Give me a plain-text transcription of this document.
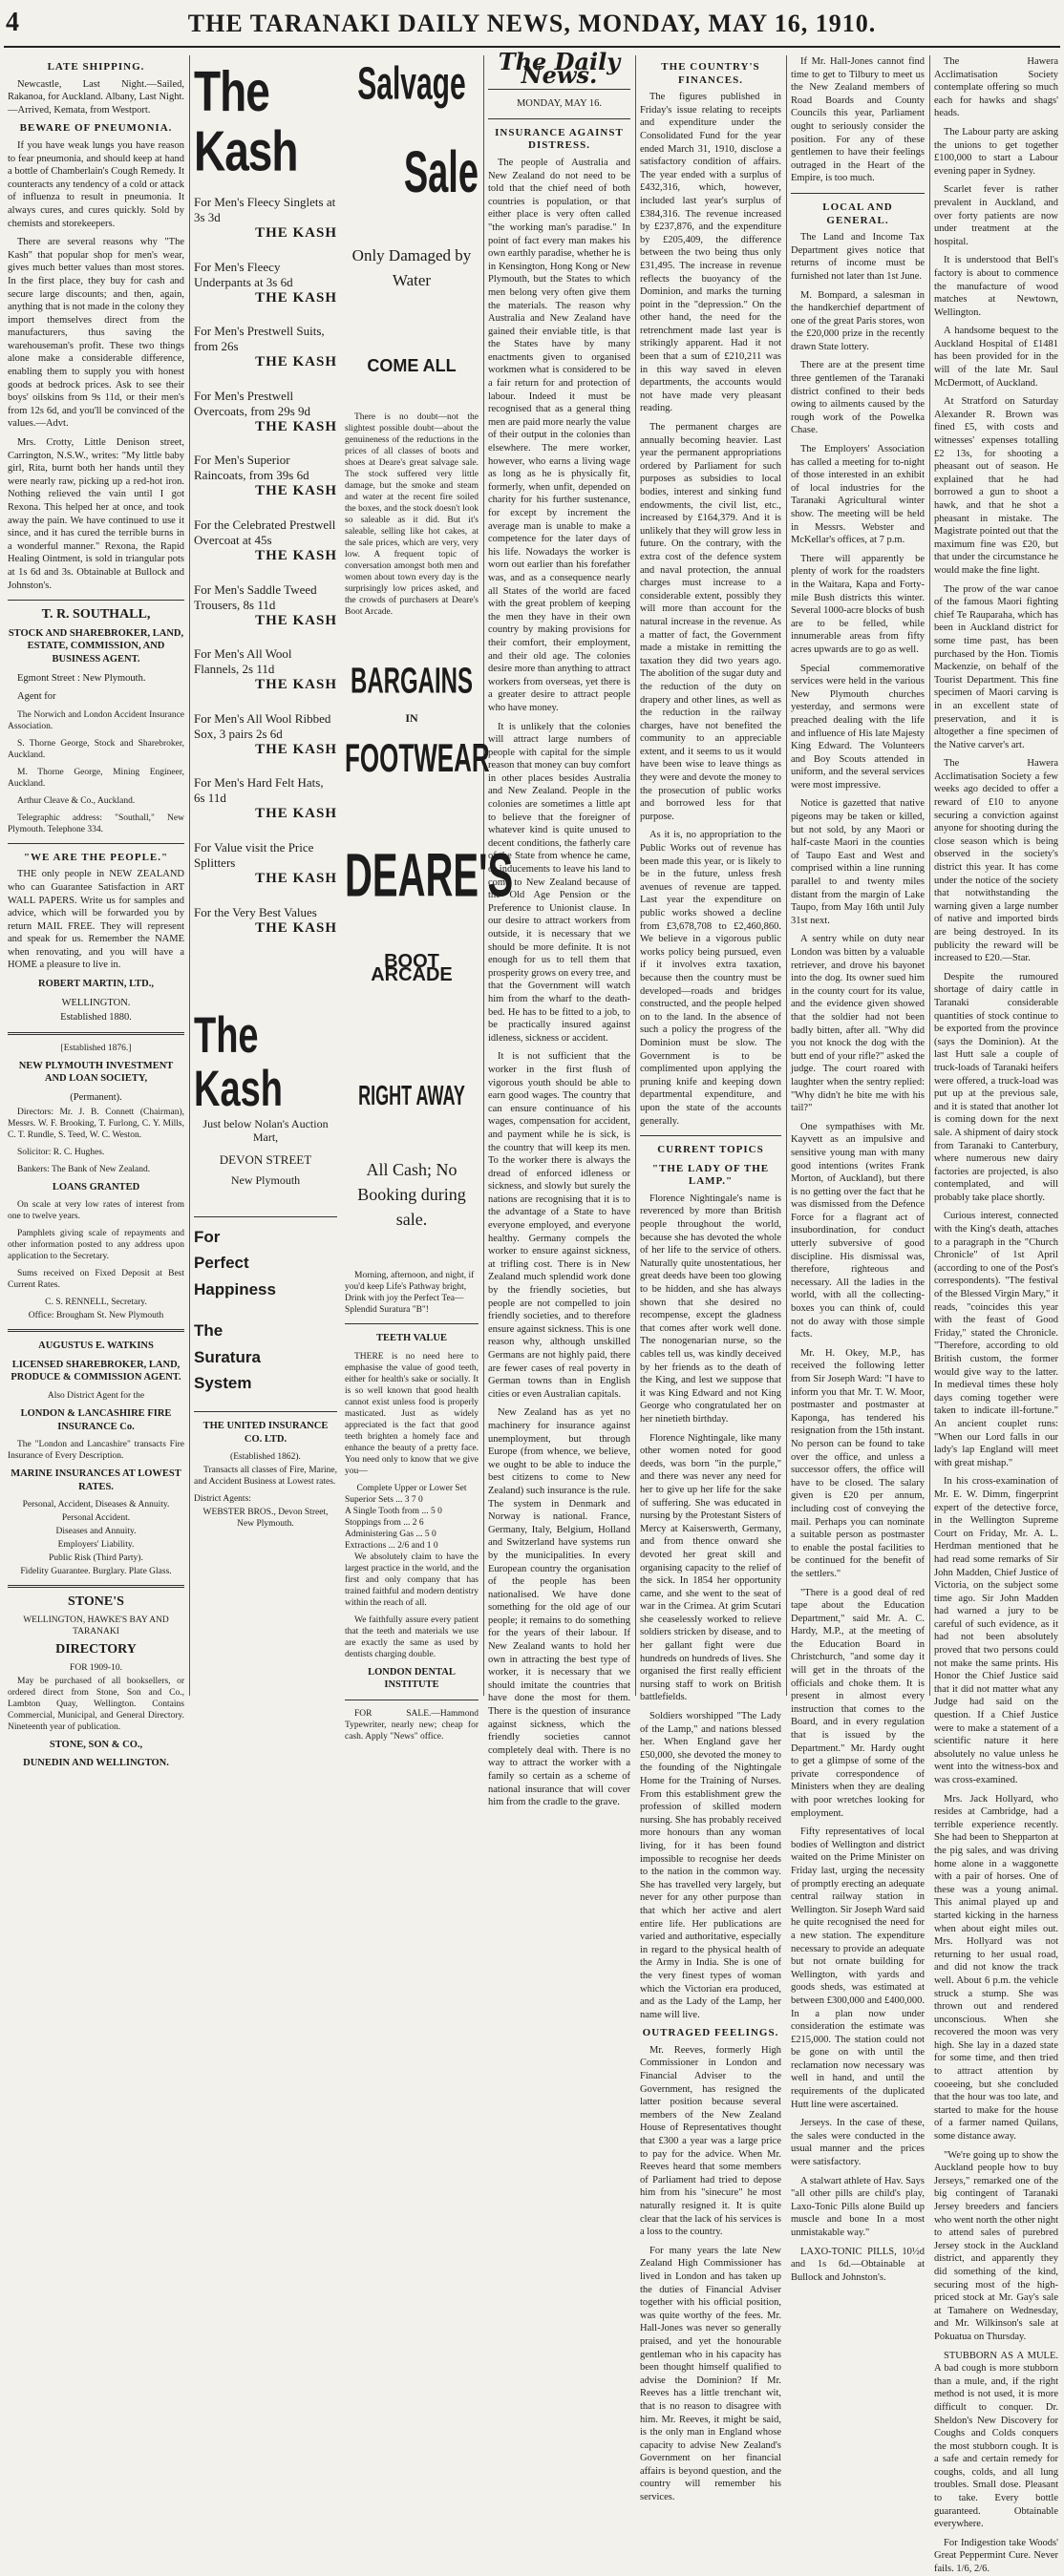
4	THE TARANAKI DAILY NEWS, MONDAY, MAY 16, 1910.
LATE SHIPPING.

Newcastle, Last Night.—Sailed, Rakanoa, for Auckland. Albany, Last Night.—Arrived, Kemata, from Westport.

BEWARE OF PNEUMONIA.

If you have weak lungs you have reason to fear pneumonia, and should keep at hand a bottle of Chamberlain's Cough Remedy. It counteracts any tendency of a cold or attack of influenza to result in pneumonia. It always cures, and cures quickly. Sold by chemists and storekeepers.

There are several reasons why "The Kash" that popular shop for men's wear, gives much better values than most stores. In the first place, they buy for cash and secure large discounts; and then, again, anything that is not made in the colony they import themselves direct from the manufacturers, thus saving the warehouseman's profit. These two things alone make a considerable difference, enabling them to supply you with honest goods at bedrock prices. Ask to see their boys' oilskins from 9s 11d, or their men's from 12s 6d, and you'll be convinced of the values.—Advt.

Mrs. Crotty, Little Denison street, Carrington, N.S.W., writes: "My little baby girl, Rita, burnt both her hands until they were nearly raw, picking up a red-hot iron. Nothing relieved the vain until I got Rexona. This helped her at once, and took away the pain. We have continued to use it since, and it has cured the terrible burns in a wonderful manner." Rexona, the Rapid Healing Ointment, is sold in triangular pots at 1s 6d and 3s. Obtainable at Bullock and Johnston's.

T. R. SOUTHALL,
STOCK AND SHAREBROKER, LAND, ESTATE, COMMISSION, AND BUSINESS AGENT.

Egmont Street : New Plymouth.

Agent for

The Norwich and London Accident Insurance Association.

S. Thorne George, Stock and Sharebroker, Auckland.

M. Thorne George, Mining Engineer, Auckland.

Arthur Cleave & Co., Auckland.

Telegraphic address: "Southall," New Plymouth. Telephone 334.

"WE ARE THE PEOPLE."

THE only people in NEW ZEALAND who can Guarantee Satisfaction in ART WALL PAPERS. Write us for samples and advice, which will be forwarded you by return MAIL FREE. They will represent and speak for us. Remember the NAME when renovating, and you will have a HOME a pleasure to live in.

ROBERT MARTIN, LTD.,
WELLINGTON.
Established 1880.
[Established 1876.]
NEW PLYMOUTH INVESTMENT AND LOAN SOCIETY,
(Permanent).

Directors: Mr. J. B. Connett (Chairman), Messrs. W. F. Brooking, T. Furlong, C. Y. Mills, C. T. Rundle, S. Teed, W. C. Weston.

Solicitor: R. C. Hughes.

Bankers: The Bank of New Zealand.

LOANS GRANTED

On scale at very low rates of interest from one to twelve years.

Pamphlets giving scale of repayments and other information posted to any address upon application to the Secretary.

Sums received on Fixed Deposit at Best Current Rates.

C. S. RENNELL, Secretary.
Office: Brougham St. New Plymouth
AUGUSTUS E. WATKINS
LICENSED SHAREBROKER, LAND, PRODUCE & COMMISSION AGENT.
Also District Agent for the
LONDON & LANCASHIRE FIRE INSURANCE Co.

The "London and Lancashire" transacts Fire Insurance of Every Description.

MARINE INSURANCES AT LOWEST RATES.
Personal, Accident, Diseases & Annuity.
Personal Accident.
Diseases and Annuity.
Employers' Liability.
Public Risk (Third Party).
Fidelity Guarantee. Burglary. Plate Glass.
STONE'S
WELLINGTON, HAWKE'S BAY AND TARANAKI
DIRECTORY
FOR 1909-10.

May be purchased of all booksellers, or ordered direct from Stone, Son and Co., Lambton Quay, Wellington. Contains Commercial, Municipal, and General Directory. Nineteenth year of publication.

STONE, SON & CO.,
DUNEDIN AND WELLINGTON.
The Kash
For Men's Fleecy Singlets at 3s 3d
THE KASH
For Men's Fleecy Underpants at 3s 6d
THE KASH
For Men's Prestwell Suits, from 26s
THE KASH
For Men's Prestwell Overcoats, from 29s 9d
THE KASH
For Men's Superior Raincoats, from 39s 6d
THE KASH
For the Celebrated Prestwell Overcoat at 45s
THE KASH
For Men's Saddle Tweed Trousers, 8s 11d
THE KASH
For Men's All Wool Flannels, 2s 11d
THE KASH
For Men's All Wool Ribbed Sox, 3 pairs 2s 6d
THE KASH
For Men's Hard Felt Hats, 6s 11d
THE KASH
For Value visit the Price Splitters
THE KASH
For the Very Best Values
THE KASH
The Kash
Just below Nolan's Auction Mart,
DEVON STREET
New Plymouth
For
Perfect
Happiness
The
Suratura
System
THE UNITED INSURANCE CO. LTD.
(Established 1862).

Transacts all classes of Fire, Marine, and Accident Business at Lowest rates.

District Agents:
WEBSTER BROS., Devon Street, New Plymouth.
Salvage
Sale
Only Damaged by Water
COME ALL

There is no doubt—not the slightest possible doubt—about the genuineness of the reductions in the prices of all classes of boots and shoes at Deare's great salvage sale. The stock suffered very little damage, but the smoke and steam and water at the recent fire soiled the boxes, and the stock doesn't look so saleable as it did. But it's saleable, selling like hot cakes, at the sale prices, which are very, very low. A frequent topic of conversation amongst both men and women about town every day is the surprisingly low prices asked, and the crowds of purchasers at Deare's Boot Arcade.

BARGAINS
IN
FOOTWEAR
DEARE'S
BOOT ARCADE
RIGHT AWAY
All Cash; No Booking during sale.

Morning, afternoon, and night, if you'd keep Life's Pathway bright, Drink with joy the Perfect Tea—Splendid Suratura "B"!

TEETH VALUE

THERE is no need here to emphasise the value of good teeth, either for health's sake or socially. It is so well known that good health cannot exist unless food is properly masticated. Just as widely appreciated is the fact that good teeth brighten a homely face and enhance the beauty of a pretty face. You need only to know that we give you—

Complete Upper or Lower Set
Superior Sets ... 3 7 0
A Single Tooth from ... 5 0
Stoppings from ... 2 6
Administering Gas ... 5 0
Extractions ... 2/6 and 1 0

We absolutely claim to have the largest practice in the world, and the first and only company that has trained faithful and modern dentistry within the reach of all.

We faithfully assure every patient that the teeth and materials we use are exactly the same as used by dentists charging double.

LONDON DENTAL INSTITUTE

FOR SALE.—Hammond Typewriter, nearly new; cheap for cash. Apply "News" office.

The Daily News.
MONDAY, MAY 16.
INSURANCE AGAINST DISTRESS.

The people of Australia and New Zealand do not need to be told that the chief need of both countries is population, or that either place is very often called "the working man's paradise." In point of fact every man makes his own earthly paradise, whether he is in Kensington, Hong Kong or New Plymouth, but the States to which men belong very often give them the materials. The reason why Australia and New Zealand have gained their enviable title, is that the States have by many enactments given to organised workmen what is considered to be a fair return for and protection of labour. Indeed it must be recognised that as a general thing men are paid more nearly the value of their output in the colonies than elsewhere. The mere worker, however, who earns a living wage as long as he is physically fit, formerly, when unfit, depended on charity for his further sustenance, for except by increment the average man is unable to make a competence for the later days of his life. Nowadays the worker is worn out earlier than his forefather was, and as a consequence nearly all States of the world are faced with the great problem of keeping the men they have in their own country by making provisions for their comfort, their employment, and their old age. The colonies desire more than anything to attract workers from overseas, yet there is a greater desire to attract people who have money.

It is unlikely that the colonies will attract large numbers of people with capital for the simple reason that money can buy comfort in other places besides Australia and New Zealand. People in the colonies are sometimes a little apt to believe that the foreigner of whatever kind is quite unused to decent conditions, the fatherly care of the State from whence he came, or inducements to leave his land to come to New Zealand because of the Old Age Pension or the Preference to Unionist clause. In our desire to attract workers from outside, it is necessary that we should be more definite. It is not enough for us to tell them that prosperity grows on every tree, and that the Government will watch him from the wharf to the death-bed. He has to be fitted to a job, to be practically insured against idleness, sickness or accident.

It is not sufficient that the worker in the first flush of vigorous youth should be able to earn good wages. The country that can ensure continuance of his wages, compensation for accident, and payment while he is sick, is the country that will keep its men. To the worker there is always the dread of enforced idleness or sickness, and slowly but surely the nations are recognising that it is to the advantage of a State to have everyone employed, and everyone healthy. Germany compels the worker to ensure against sickness, at trifling cost. There is in New Zealand much splendid work done by the friendly societies, but people are not compelled to join friendly societies, and to therefore ensure against sickness. This is one reason why, although unskilled Germans are not highly paid, there are fewer cases of real poverty in German towns than in English cities or even Australian capitals.

New Zealand has as yet no machinery for insurance against unemployment, but through Europe (from whence, we believe, we ought to be able to induce the best citizens to come to New Zealand) such insurance is the rule. The system in Denmark and Norway is national. France, Germany, Italy, Belgium, Holland and Switzerland have systems run by the municipalities. In every European country the organisation of the people has been nationalised. We have done something for the old age of our people; it remains to do something for the years of their labour. If New Zealand wants to hold her own in attracting the best type of worker, it is necessary that we should imitate the countries that have done the most for them. There is the question of insurance against sickness, which the friendly societies cannot completely deal with. There is no way to attract the worker with a family so certain as a scheme of national insurance that will cover him from the cradle to the grave.

THE COUNTRY'S FINANCES.

The figures published in Friday's issue relating to receipts and expenditure under the Consolidated Fund for the year ended March 31, 1910, disclose a satisfactory condition of affairs. The year ended with a surplus of £432,316, which, however, included last year's surplus of £384,316. The revenue increased by £237,876, and the expenditure by £205,409, the difference between the two being thus only £31,495. The increase in revenue reflects the buoyancy of the Dominion, and marks the turning point in the "depression." On the other hand, the need for the retrenchment made last year is strikingly apparent. Had it not been that a sum of £210,211 was in this way saved in eleven departments, the accounts would not have made very pleasant reading.

The permanent charges are annually becoming heavier. Last year the permanent appropriations ordered by Parliament for such purposes as subsidies to local bodies, interest and sinking fund endowments, the civil list, etc., increased by £164,379. And it is unlikely that they will grow less in future. On the contrary, with the extra cost of the defence system and naval protection, the annual charges must increase to a considerable extent, possibly they will more than account for the natural increase in the revenue. As a matter of fact, the Government made a mistake in remitting the taxation they did two years ago. The abolition of the sugar duty and the reduction of the duty on drapery and other lines, as well as the reduction in the railway charges, have not benefited the community to an appreciable extent, and it seems to us it would have been wise to leave things as they were and devote the money to the prosecution of public works and borrowed less for that purpose.

As it is, no appropriation to the Public Works out of revenue has been made this year, or is likely to be in the future, unless fresh avenues of revenue are tapped. Last year the expenditure on public works showed a decline from £3,678,708 to £2,460,860. We believe in a vigorous public works policy being pursued, even if it involves extra taxation, because then the country must be developed—roads and bridges constructed, and the people helped on to the land. In the absence of such a policy the progress of the Dominion must be slow. The Government is to be complimented upon applying the pruning knife and keeping down departmental expenditure, and upon the state of the accounts generally.

CURRENT TOPICS
"THE LADY OF THE LAMP."

Florence Nightingale's name is reverenced by more than British people throughout the world, because she has devoted the whole of her life to the service of others. Naturally quite unostentatious, her great deeds have been too glowing to be hidden, and she has always shown that she desired no recompense, except the gladness that comes after work well done. The nonogenarian nurse, so the cables tell us, was kindly deceived by her friends as to the death of the King, and lest we suppose that it was King Edward and not King George who congratulated her on her ninetieth birthday.

Florence Nightingale, like many other women noted for good deeds, was born "in the purple," and there was never any need for her to give up her life for the sake of suffering. She was educated in nursing by the Protestant Sisters of Mercy at Kaiserswerth, Germany, and from thence onward she devoted her great skill and organising capacity to the relief of the sick. In 1854 her opportunity came, and she went to the seat of war in the Crimea. At grim Scutari she ceaselessly worked to relieve soldiers stricken by disease, and to her gallant fight were due hundreds on hundreds of lives. She organised the first really efficient nursing staff to work on British battlefields.

Soldiers worshipped "The Lady of the Lamp," and nations blessed her. When England gave her £50,000, she devoted the money to the founding of the Nightingale Home for the Training of Nurses. From this establishment grew the profession of skilled modern nursing. She has probably received more honours than any woman living, for it has been found impossible to recognise her deeds to the nation in the common way. She has travelled very largely, but never for any other purpose than that which her active and alert entire life. Her publications are varied and authoritative, especially in regard to the physical health of the Army in India. She is one of the very finest types of woman which the Victorian era produced, and as the Lady of the Lamp, her name will live.

OUTRAGED FEELINGS.

Mr. Reeves, formerly High Commissioner in London and Financial Adviser to the Government, has resigned the latter position because several members of the New Zealand House of Representatives thought that £300 a year was a large price to pay for the advice. When Mr. Reeves heard that some members of Parliament had tried to depose him from his "sinecure" he most naturally resigned it. It is quite clear that the lack of his services is a loss to the country.

For many years the late New Zealand High Commissioner has lived in London and has taken up the duties of Financial Adviser together with his official position, was quite worthy of the fees. Mr. Hall-Jones was never so generally praised, and yet the honourable gentleman who in his capacity has been thought himself qualified to advise the Dominion? If Mr. Reeves has a little trenchant wit, that is no reason to disagree with him. Mr. Reeves, it might be said, is the only man in England whose capacity to advise New Zealand's Government on her financial affairs is beyond question, and the country will remember his services.

If Mr. Hall-Jones cannot find time to get to Tilbury to meet us the New Zealand members of Road Boards and County Councils this year, Parliament ought to seriously consider the position. For any of these gentlemen to have their feelings outraged in the Heart of the Empire, is too much.

LOCAL AND GENERAL.

The Land and Income Tax Department gives notice that returns of income must be furnished not later than 1st June.

M. Bompard, a salesman in the handkerchief department of one of the great Paris stores, won the £20,000 prize in the recently drawn State lottery.

There are at the present time three gentlemen of the Taranaki district confined to their beds owing to ailments caused by the rough work of the Powelka Chase.

The Employers' Association has called a meeting for to-night of those interested in an exhibit of local industries for the Taranaki Agricultural winter show. The meeting will be held in Messrs. Webster and McKellar's offices, at 7 p.m.

There will apparently be plenty of work for the roadsters in the Waitara, Kapa and Forty-mile Bush districts this winter. Several 1000-acre blocks of bush are to be felled, while innumerable areas from fifty acres upwards are to go as well.

Special commemorative services were held in the various New Plymouth churches yesterday, and sermons were preached dealing with the life and influence of His late Majesty King Edward. The Volunteers and Boy Scouts attended in uniform, and the several services were most impressive.

Notice is gazetted that native pigeons may be taken or killed, but not sold, by any Maori or half-caste Maori in the counties of Taupo East and West and comprised within a line running parallel to and twenty miles distant from the margin of Lake Taupo, from May 16th until July 31st next.

A sentry while on duty near London was bitten by a valuable retriever, and drove his bayonet into the dog. Its owner sued him in the county court for its value, and the evidence given showed that the soldier had not been badly bitten, after all. "Why did you not knock the dog with the butt end of your rifle?" asked the judge. The court roared with laughter when the sentry replied: "Why didn't he bite me with his tail?"

One sympathises with Mr. Kayvett as an impulsive and sensitive young man with many good intentions (writes Frank Morton, of Auckland), but there is no getting over the fact that he was dismissed from the Defence Force for a flagrant act of insubordination, for conduct utterly subversive of good discipline. His dismissal was, therefore, righteous and necessary. All the ladies in the world, with all the collecting-boxes you can think of, could not do away with those simple facts.

Mr. H. Okey, M.P., has received the following letter from Sir Joseph Ward: "I have to inform you that Mr. T. W. Moor, postmaster and postmaster at Kaponga, has tendered his resignation from the 15th instant. No person can be found to take over the office, and unless a successor offers, the office will have to be closed. The salary given is £20 per annum, including cost of conveying the mail. Perhaps you can nominate a suitable person as postmaster to enable the postal facilities to be continued for the benefit of the settlers."

"There is a good deal of red tape about the Education Department," said Mr. A. C. Hardy, M.P., at the meeting of the Education Board in Christchurch, "and some day it will get in the throats of the officials and choke them. It is present in almost every instruction that comes to the Board, and in every regulation that is issued by the Department." Mr. Hardy ought to get a glimpse of some of the private correspondence of Ministers when they are dealing with poor wretches looking for employment.

Fifty representatives of local bodies of Wellington and district waited on the Prime Minister on Friday last, urging the necessity of promptly erecting an adequate central railway station in Wellington. Sir Joseph Ward said he quite recognised the need for a new station. The expenditure necessary to provide an adequate but not ornate building for Wellington, with yards and goods sheds, was estimated at between £300,000 and £400,000. In a plan now under consideration the estimate was £215,000. The station could not be gone on with until the reclamation now necessary was well in hand, and until the requirements of the duplicated Hutt line were ascertained.

Jerseys. In the case of these, the sales were conducted in the usual manner and the prices were satisfactory.

A stalwart athlete of Hav. Says "all other pills are child's play, Laxo-Tonic Pills alone Build up muscle and bone In a most unmistakable way."

LAXO-TONIC PILLS, 10½d and 1s 6d.—Obtainable at Bullock and Johnston's.

The Hawera Acclimatisation Society contemplate offering so much each for hawks and shags' heads.

The Labour party are asking the unions to get together £100,000 to start a Labour evening paper in Sydney.

Scarlet fever is rather prevalent in Auckland, and over forty patients are now under treatment at the hospital.

It is understood that Bell's factory is about to commence the manufacture of wood matches at Newtown, Wellington.

A handsome bequest to the Auckland Hospital of £1481 has been provided for in the will of the late Mr. Saul McDermott, of Auckland.

At Stratford on Saturday Alexander R. Brown was fined £5, with costs and witnesses' expenses totalling £2 13s, for shooting a pheasant out of season. He explained that he had borrowed a gun to shoot a hawk, and that he shot a pheasant in mistake. The Magistrate pointed out that the maximum fine was £20, but that under the circumstance he would make the fine light.

The prow of the war canoe of the famous Maori fighting chief Te Rauparaha, which has been in Auckland district for some time past, has been purchased by the Hon. Tiomis Mackenzie, on behalf of the Tourist Department. This fine specimen of Maori carving is in an excellent state of preservation, and it is altogether a fine specimen of the Native carver's art.

The Hawera Acclimatisation Society a few weeks ago decided to offer a reward of £10 to anyone securing a conviction against anyone for shooting during the close season which is being observed in the society's district this year. It has come under the notice of the society that notwithstanding the warning given a large number of native and imported birds are being destroyed. In its publicity the reward will be increased to £20.—Star.

Despite the rumoured shortage of dairy cattle in Taranaki considerable quantities of stock continue to be exported from the province (says the Dominion). At the last Hutt sale a couple of truck-loads of Taranaki heifers were offered, a truck-load was put up at the previous sale, and it is stated that another lot is coming down for the next sale. A shipment of dairy stock from Taranaki to Canterbury, where numerous new dairy factories are projected, is also contemplated, and will probably take place shortly.

Curious interest, connected with the King's death, attaches to a paragraph in the "Church Chronicle" of 1st April (according to one of the Post's correspondents). "The festival of the Blessed Virgin Mary," it reads, "coincides this year with the feast of Good Friday," stated the Chronicle. "Therefore, according to old British custom, the former would give way to the latter. In medieval times these holy days coming together were taken to indicate ill-fortune." An ancient couplet runs: "When our Lord falls in our lady's lap England will meet with great mishap."

In his cross-examination of Mr. E. W. Dimm, fingerprint expert of the detective force, in the Wellington Supreme Court on Friday, Mr. A. L. Herdman mentioned that he had read some remarks of Sir John Madden, Chief Justice of Victoria, on the subject some time ago. Sir John Madden had warned a jury to be careful of such evidence, as it had not been absolutely proved that two persons could not make the same prints. His Honor the Chief Justice said that it did not matter what any Judge had said on the question. If a Chief Justice were to make a statement of a scientific nature it here absolutely no value unless he went into the witness-box and was cross-examined.

Mrs. Jack Hollyard, who resides at Cambridge, had a terrible experience recently. She had been to Shepparton at the pig sales, and was driving home alone in a waggonette with a pair of horses. One of these was a young animal. This animal played up and started kicking in the harness when about eight miles out. Mrs. Hollyard was not returning to her usual road, and did not know the track well. About 6 p.m. the vehicle struck a stump. She was thrown out and rendered unconscious. When she recovered the moon was very high. She lay in a dazed state for some time, and then tried to attract attention by cooeeing, but she concluded that the hour was too late, and started to make for the house of a farmer named Quilans, some distance away.

"We're going up to show the Auckland people how to buy Jerseys," remarked one of the big contingent of Taranaki Jersey breeders and fanciers who went north the other night to attend sales of purebred Jersey stock in the Auckland district, and apparently they did something of the kind, securing most of the high-priced stock at Mr. Gay's sale at Tamahere on Wednesday, and Mr. Wilkinson's sale at Pokuatua on Thursday.

STUBBORN AS A MULE. A bad cough is more stubborn than a mule, and, if the right method is not used, it is more difficult to conquer. Dr. Sheldon's New Discovery for Coughs and Colds conquers the most stubborn cough. It is a safe and certain remedy for coughs, colds, and all lung troubles. Small dose. Pleasant to take. Every bottle guaranteed. Obtainable everywhere.

For Indigestion take Woods' Great Peppermint Cure. Never fails. 1/6, 2/6.
